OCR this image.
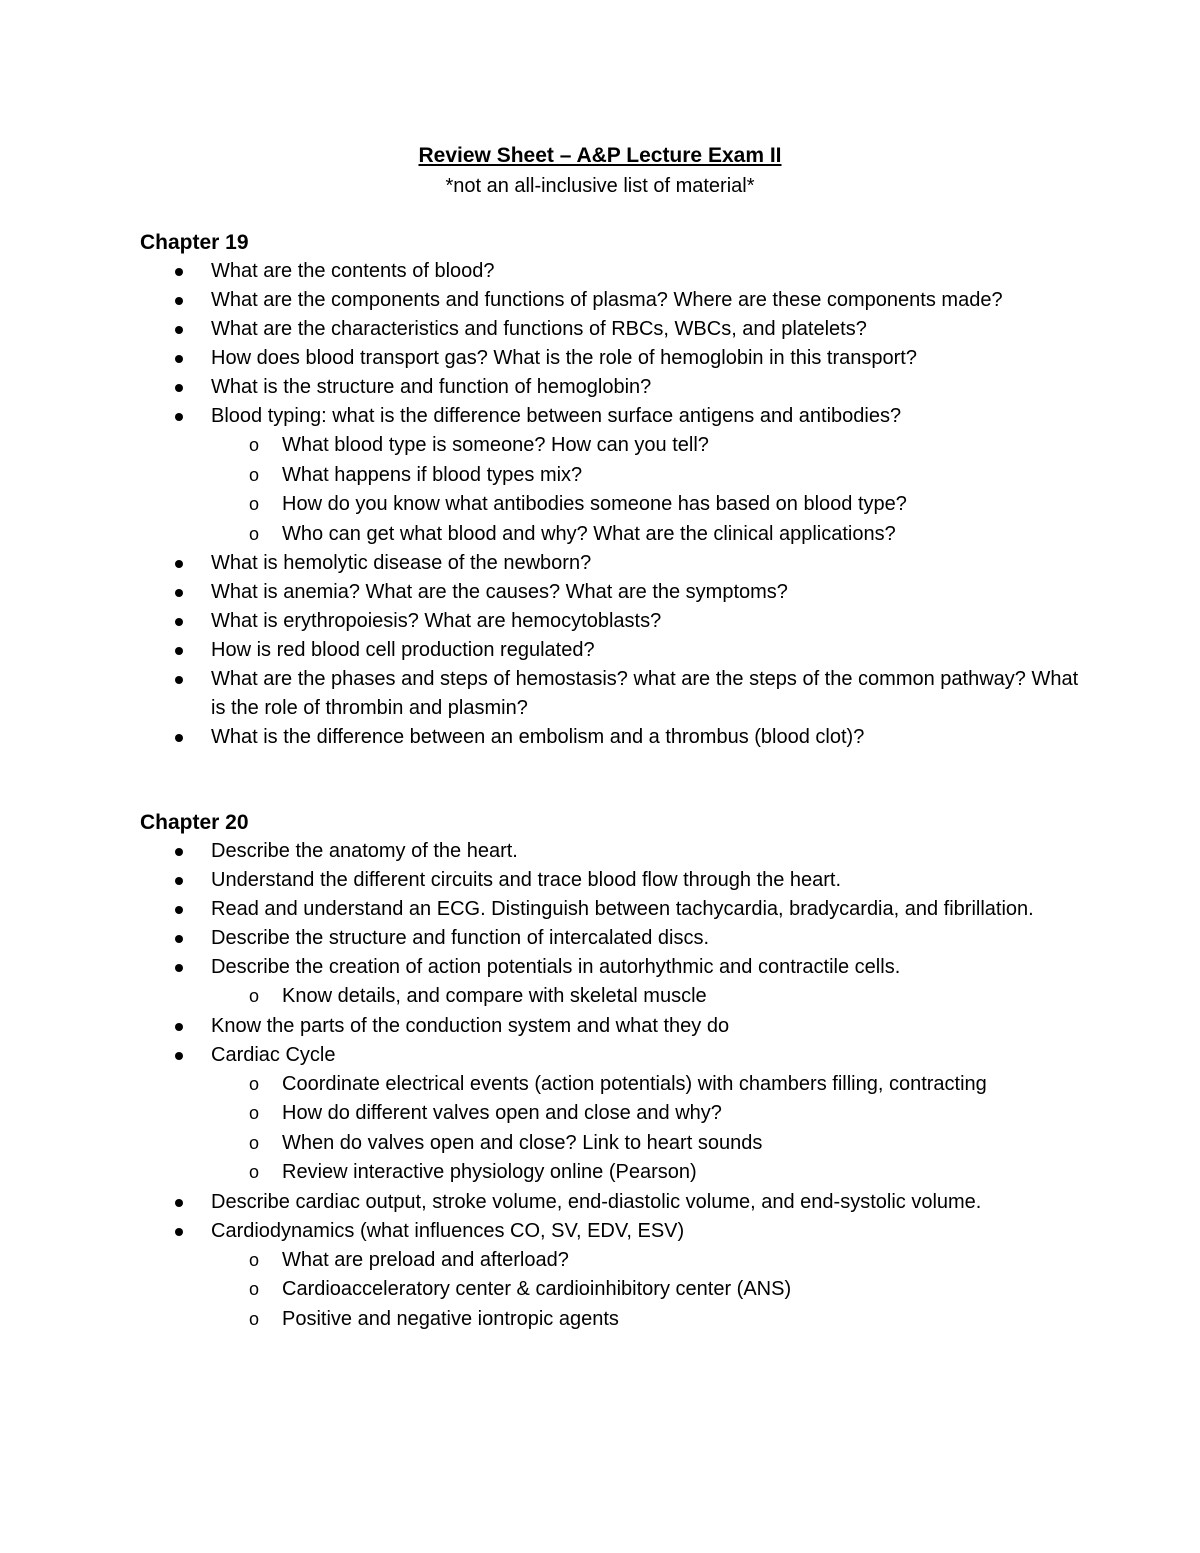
Review Sheet – A&P Lecture Exam II
*not an all-inclusive list of material*
Chapter 19
What are the contents of blood?
What are the components and functions of plasma? Where are these components made?
What are the characteristics and functions of RBCs, WBCs, and platelets?
How does blood transport gas? What is the role of hemoglobin in this transport?
What is the structure and function of hemoglobin?
Blood typing: what is the difference between surface antigens and antibodies?
o What blood type is someone? How can you tell?
o What happens if blood types mix?
o How do you know what antibodies someone has based on blood type?
o Who can get what blood and why? What are the clinical applications?
What is hemolytic disease of the newborn?
What is anemia? What are the causes? What are the symptoms?
What is erythropoiesis? What are hemocytoblasts?
How is red blood cell production regulated?
What are the phases and steps of hemostasis? what are the steps of the common pathway? What is the role of thrombin and plasmin?
What is the difference between an embolism and a thrombus (blood clot)?
Chapter 20
Describe the anatomy of the heart.
Understand the different circuits and trace blood flow through the heart.
Read and understand an ECG. Distinguish between tachycardia, bradycardia, and fibrillation.
Describe the structure and function of intercalated discs.
Describe the creation of action potentials in autorhythmic and contractile cells.
o Know details, and compare with skeletal muscle
Know the parts of the conduction system and what they do
Cardiac Cycle
o Coordinate electrical events (action potentials) with chambers filling, contracting
o How do different valves open and close and why?
o When do valves open and close? Link to heart sounds
o Review interactive physiology online (Pearson)
Describe cardiac output, stroke volume, end-diastolic volume, and end-systolic volume.
Cardiodynamics (what influences CO, SV, EDV, ESV)
o What are preload and afterload?
o Cardioacceleratory center & cardioinhibitory center (ANS)
o Positive and negative iontropic agents
